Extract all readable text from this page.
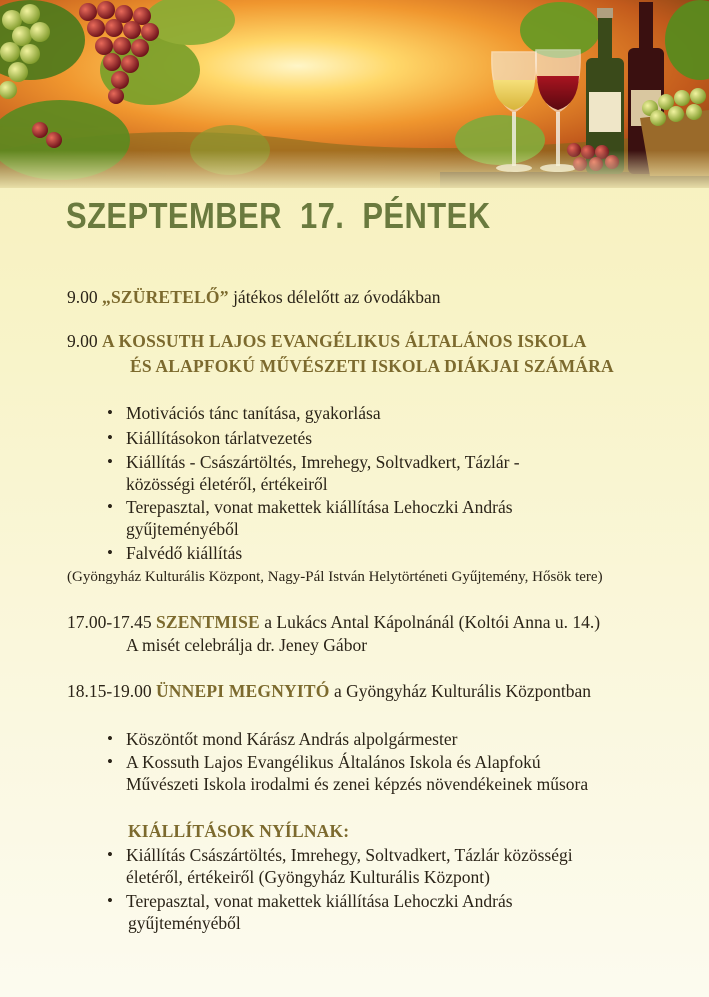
SZEPTEMBER  17.  PÉNTEK
9.00 „SZÜRETELŐ” játékos délelőtt az óvodákban
9.00 A KOSSUTH LAJOS EVANGÉLIKUS ÁLTALÁNOS ISKOLA
ÉS ALAPFOKÚ MŰVÉSZETI ISKOLA DIÁKJAI SZÁMÁRA
• Motivációs tánc tanítása, gyakorlása
• Kiállításokon tárlatvezetés
• Kiállítás - Császártöltés, Imrehegy, Soltvadkert, Tázlár -
közösségi életéről, értékeiről
• Terepasztal, vonat makettek kiállítása Lehoczki András
gyűjteményéből
• Falvédő kiállítás
(Gyöngyház Kulturális Központ, Nagy-Pál István Helytörténeti Gyűjtemény, Hősök tere)
17.00-17.45 SZENTMISE a Lukács Antal Kápolnánál (Koltói Anna u. 14.)
A misét celebrálja dr. Jeney Gábor
18.15-19.00 ÜNNEPI MEGNYITÓ a Gyöngyház Kulturális Központban
• Köszöntőt mond Kárász András alpolgármester
• A Kossuth Lajos Evangélikus Általános Iskola és Alapfokú
Művészeti Iskola irodalmi és zenei képzés növendékeinek műsora
KIÁLLÍTÁSOK NYÍLNAK:
• Kiállítás Császártöltés, Imrehegy, Soltvadkert, Tázlár közösségi
életéről, értékeiről (Gyöngyház Kulturális Központ)
• Terepasztal, vonat makettek kiállítása Lehoczki András
gyűjteményéből
